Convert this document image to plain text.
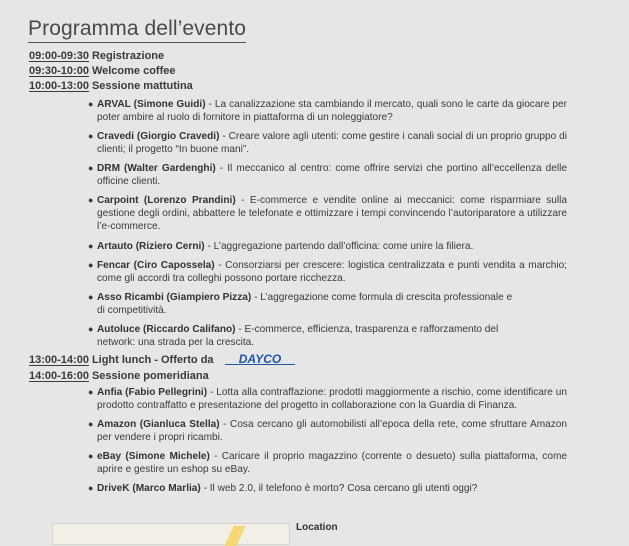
Programma dell’evento
09:00-09:30 Registrazione
09:30-10:00 Welcome coffee
10:00-13:00 Sessione mattutina
● ARVAL (Simone Guidi) - La canalizzazione sta cambiando il mercato, quali sono le carte da giocare per poter ambire al ruolo di fornitore in piattaforma di un noleggiatore?
● Cravedi (Giorgio Cravedi) - Creare valore agli utenti: come gestire i canali social di un proprio gruppo di clienti; il progetto “In buone mani”.
● DRM (Walter Gardenghi) - Il meccanico al centro: come offrire servizi che portino all’eccellenza delle officine clienti.
● Carpoint (Lorenzo Prandini) - E-commerce e vendite online ai meccanici: come risparmiare sulla gestione degli ordini, abbattere le telefonate e ottimizzare i tempi convincendo l’autoriparatore a utilizzare l’e-commerce.
● Artauto (Riziero Cerni) - L’aggregazione partendo dall’officina: come unire la filiera.
● Fencar (Ciro Capossela) - Consorziarsi per crescere: logistica centralizzata e punti vendita a marchio; come gli accordi tra colleghi possono portare ricchezza.
● Asso Ricambi (Giampiero Pizza) - L’aggregazione come formula di crescita professionale e di competitività.
● Autoluce (Riccardo Califano) - E-commerce, efficienza, trasparenza e rafforzamento del network: una strada per la crescita.
13:00-14:00 Light lunch - Offerto da DAYCO
14:00-16:00 Sessione pomeridiana
● Anfia (Fabio Pellegrini) - Lotta alla contraffazione: prodotti maggiormente a rischio, come identificare un prodotto contraffatto e presentazione del progetto in collaborazione con la Guardia di Finanza.
● Amazon (Gianluca Stella) - Cosa cercano gli automobilisti all’epoca della rete, come sfruttare Amazon per vendere i propri ricambi.
● eBay (Simone Michele) - Caricare il proprio magazzino (corrente o desueto) sulla piattaforma, come aprire e gestire un eshop su eBay.
● DriveK (Marco Marlia) - Il web 2.0, il telefono è morto? Cosa cercano gli utenti oggi?
Location
